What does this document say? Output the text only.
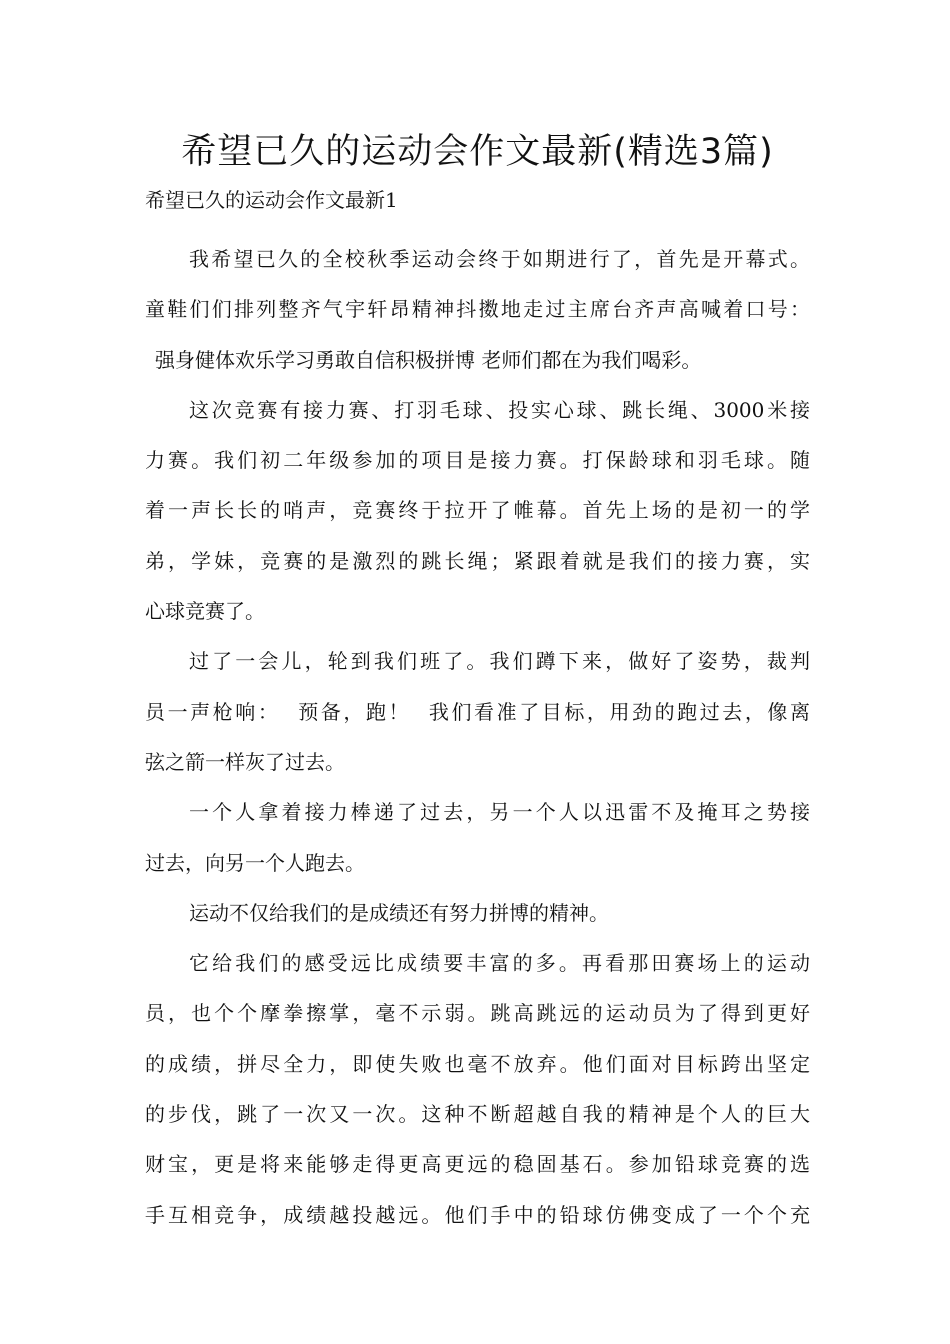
希望已久的运动会作文最新(精选3篇)
希望已久的运动会作文最新1

我希望已久的全校秋季运动会终于如期进行了，首先是开幕式。
童鞋们们排列整齐气宇轩昂精神抖擞地走过主席台齐声高喊着口号：
强身健体欢乐学习勇敢自信积极拼博 老师们都在为我们喝彩。

这次竞赛有接力赛、打羽毛球、投实心球、跳长绳、3000米接
力赛。我们初二年级参加的项目是接力赛。打保龄球和羽毛球。随
着一声长长的哨声，竞赛终于拉开了帷幕。首先上场的是初一的学
弟，学妹，竞赛的是激烈的跳长绳；紧跟着就是我们的接力赛，实
心球竞赛了。

过了一会儿，轮到我们班了。我们蹲下来，做好了姿势，裁判
员一声枪响：  预备，跑！  我们看准了目标，用劲的跑过去，像离
弦之箭一样灰了过去。

一个人拿着接力棒递了过去，另一个人以迅雷不及掩耳之势接
过去，向另一个人跑去。

运动不仅给我们的是成绩还有努力拼博的精神。

它给我们的感受远比成绩要丰富的多。再看那田赛场上的运动
员，也个个摩拳擦掌，毫不示弱。跳高跳远的运动员为了得到更好
的成绩，拼尽全力，即使失败也毫不放弃。他们面对目标跨出坚定
的步伐，跳了一次又一次。这种不断超越自我的精神是个人的巨大
财宝，更是将来能够走得更高更远的稳固基石。参加铅球竞赛的选
手互相竞争，成绩越投越远。他们手中的铅球仿佛变成了一个个充
